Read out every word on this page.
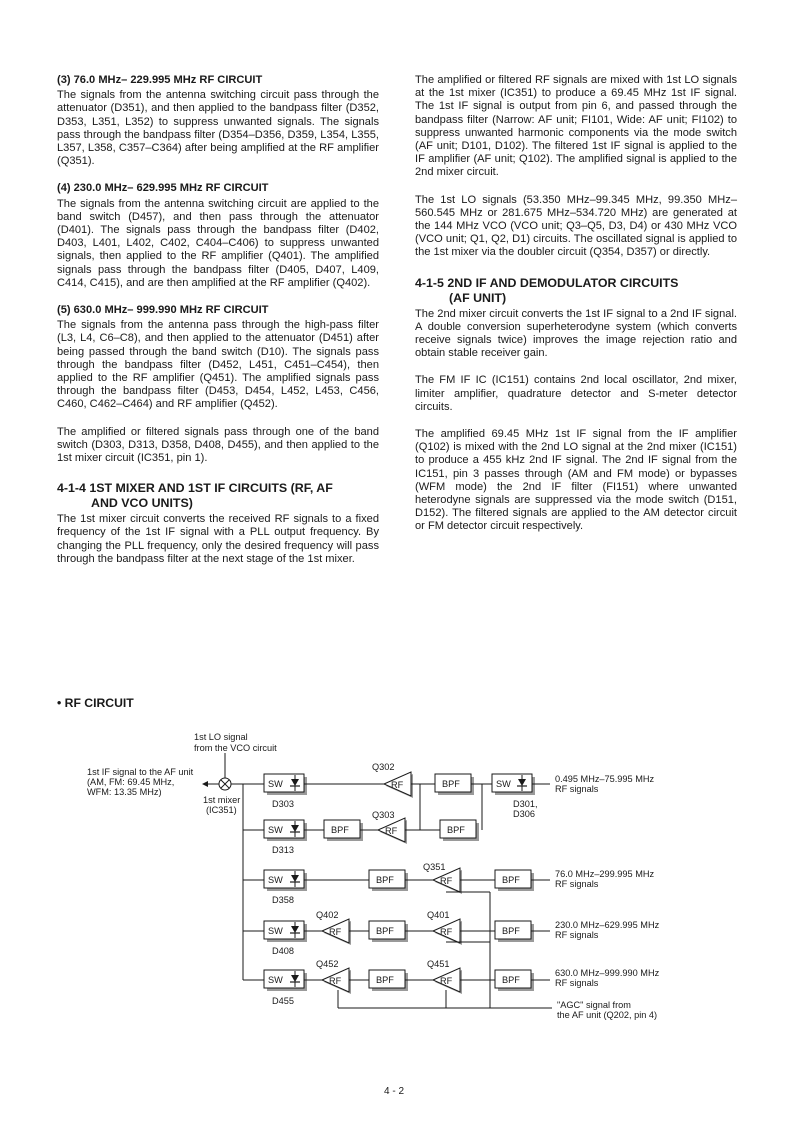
(3) 76.0 MHz– 229.995 MHz RF CIRCUIT

The signals from the antenna switching circuit pass through the attenuator (D351), and then applied to the bandpass filter (D352, D353, L351, L352) to suppress unwanted signals. The signals pass through the bandpass filter (D354–D356, D359, L354, L355, L357, L358, C357–C364) after being amplified at the RF amplifier (Q351).

(4) 230.0 MHz– 629.995 MHz RF CIRCUIT

The signals from the antenna switching circuit are applied to the band switch (D457), and then pass through the attenuator (D401). The signals pass through the bandpass filter (D402, D403, L401, L402, C402, C404–C406) to suppress unwanted signals, then applied to the RF amplifier (Q401). The amplified signals pass through the bandpass filter (D405, D407, L409, C414, C415), and are then amplified at the RF amplifier (Q402).

(5) 630.0 MHz– 999.990 MHz RF CIRCUIT

The signals from the antenna pass through the high-pass filter (L3, L4, C6–C8), and then applied to the attenuator (D451) after being passed through the band switch (D10). The signals pass through the bandpass filter (D452, L451, C451–C454), then applied to the RF amplifier (Q451). The amplified signals pass through the bandpass filter (D453, D454, L452, L453, C456, C460, C462–C464) and RF amplifier (Q452).

The amplified or filtered signals pass through one of the band switch (D303, D313, D358, D408, D455), and then applied to the 1st mixer circuit (IC351, pin 1).

4-1-4 1ST MIXER AND 1ST IF CIRCUITS (RF, AF
AND VCO UNITS)

The 1st mixer circuit converts the received RF signals to a fixed frequency of the 1st IF signal with a PLL output frequency. By changing the PLL frequency, only the desired frequency will pass through the bandpass filter at the next stage of the 1st mixer.

The amplified or filtered RF signals are mixed with 1st LO signals at the 1st mixer (IC351) to produce a 69.45 MHz 1st IF signal. The 1st IF signal is output from pin 6, and passed through the bandpass filter (Narrow: AF unit; FI101, Wide: AF unit; FI102) to suppress unwanted harmonic components via the mode switch (AF unit; D101, D102). The filtered 1st IF signal is applied to the IF amplifier (AF unit; Q102). The amplified signal is applied to the 2nd mixer circuit.

The 1st LO signals (53.350 MHz–99.345 MHz, 99.350 MHz–560.545 MHz or 281.675 MHz–534.720 MHz) are generated at the 144 MHz VCO (VCO unit; Q3–Q5, D3, D4) or 430 MHz VCO (VCO unit; Q1, Q2, D1) circuits. The oscillated signal is applied to the 1st mixer via the doubler circuit (Q354, D357) or directly.

4-1-5 2ND IF AND DEMODULATOR CIRCUITS
(AF UNIT)

The 2nd mixer circuit converts the 1st IF signal to a 2nd IF signal. A double conversion superheterodyne system (which converts receive signals twice) improves the image rejection ratio and obtain stable receiver gain.

The FM IF IC (IC151) contains 2nd local oscillator, 2nd mixer, limiter amplifier, quadrature detector and S-meter detector circuits.

The amplified 69.45 MHz 1st IF signal from the IF amplifier (Q102) is mixed with the 2nd LO signal at the 2nd mixer (IC151) to produce a 455 kHz 2nd IF signal. The 2nd IF signal from the IC151, pin 3 passes through (AM and FM mode) or bypasses (WFM mode) the 2nd IF filter (FI151) where unwanted heterodyne signals are suppressed via the mode switch (D151, D152). The filtered signals are applied to the AM detector circuit or FM detector circuit respectively.

• RF CIRCUIT
1st LO signal
from the VCO circuit
1st IF signal to the AF unit
(AM, FM: 69.45 MHz,
WFM: 13.35 MHz)
1st mixer
(IC351)
SW
D303
Q302
RF	BPF	SW
D301,
D306
0.495 MHz–75.995 MHz
RF signals
SW
D313
BPF
Q303
RF	BPF
SW
D358
BPF
Q351
RF	BPF
76.0 MHz–299.995 MHz
RF signals
SW
D408
Q402
RF	BPF
Q401
RF	BPF
230.0 MHz–629.995 MHz
RF signals
SW
D455
Q452
RF	BPF
Q451
RF	BPF
630.0 MHz–999.990 MHz
RF signals
"AGC" signal from
the AF unit (Q202, pin 4)
4 - 2
